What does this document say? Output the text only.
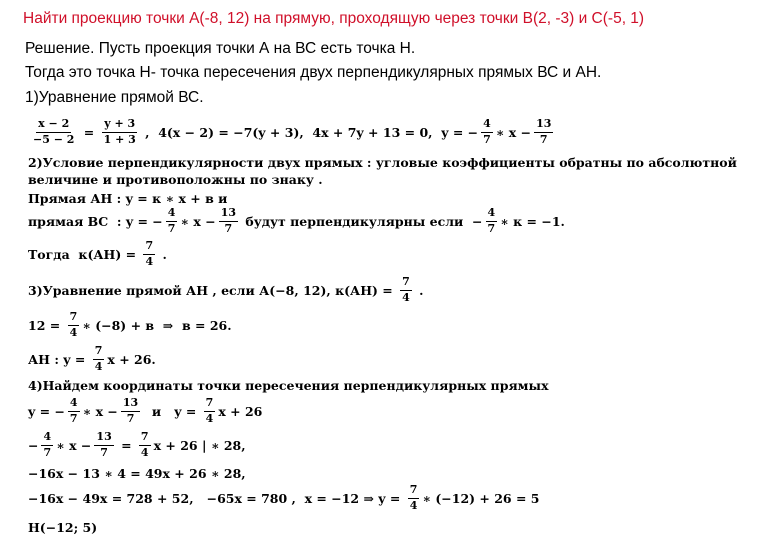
Найти проекцию точки А(-8, 12) на прямую, проходящую через точки В(2, -3) и С(-5, 1)
Решение. Пусть проекция точки А на ВС есть точка Н.
Тогда это точка Н- точка пересечения двух перпендикулярных прямых ВС и АН.
1)Уравнение прямой ВС.
$\frac{x - 2}{-5 - 2} = \frac{y + 3}{1 + 3}$ ,  4(x − 2) = −7(y + 3),  4x + 7y + 13 = 0,  y = − $\frac{4}{7}$ ∗ $x - \frac{13}{7}$
2)Условие перпендикулярности двух прямых : угловые коэффициенты обратны по абсолютной
величине и противоположны по знаку .
Прямая АН : y = к ∗ x + в и
прямая ВС  : y = − $\frac{4}{7}$ ∗ $x - \frac{13}{7}$ будут перпендикулярны если  − $\frac{4}{7}$ ∗ к = −1.
Тогда  $к(АН) = \frac{7}{4}$ .
3)Уравнение прямой АН , если А(−8, 12), $к(АН) = \frac{7}{4}$ .
$12 = \frac{7}{4}$ ∗ (−8) + в  ⇒  в = 26.
АН : $y = \frac{7}{4}$ x + 26.
4)Найдем координаты точки пересечения перпендикулярных прямых
y = − $\frac{4}{7}$ ∗ $x - \frac{13}{7}$ и   $y = \frac{7}{4}$ x + 26
− $\frac{4}{7}$ ∗ $x - \frac{13}{7} = \frac{7}{4}$ x + 26 | ∗ 28,
−16x − 13 ∗ 4 = 49x + 26 ∗ 28,
−16x − 49x = 728 + 52,   −65x = 780 ,  x = −12 ⇒ $y = \frac{7}{4}$ ∗ (−12) + 26 = 5
H(−12; 5)
